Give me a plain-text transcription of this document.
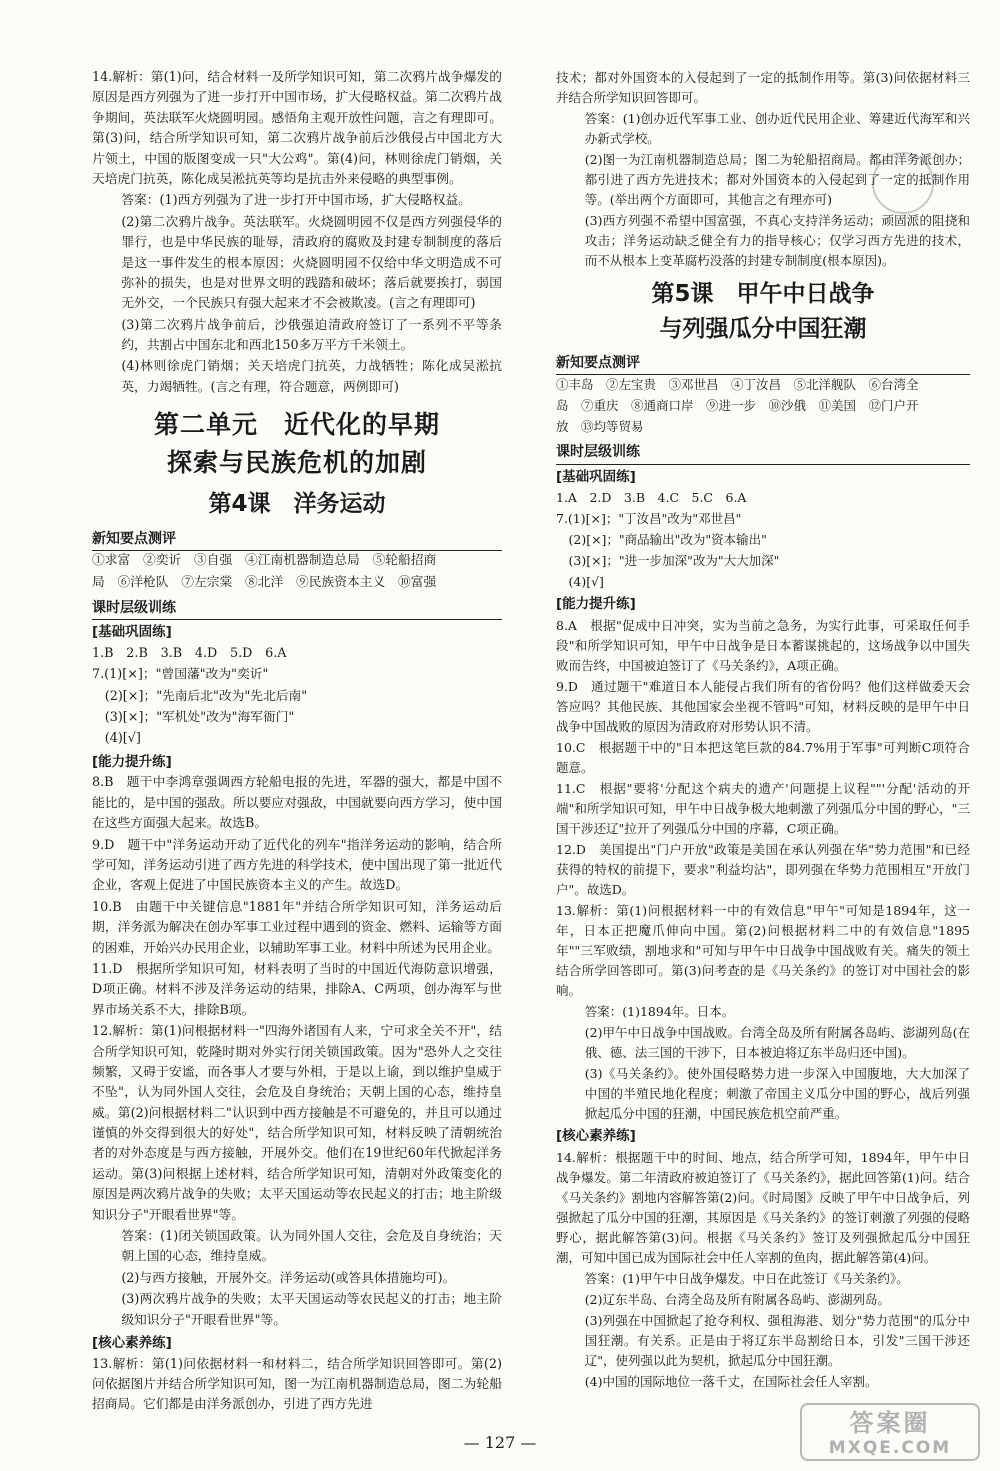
14.解析：第(1)问，结合材料一及所学知识可知，第二次鸦片战争爆发的原因是西方列强为了进一步打开中国市场，扩大侵略权益。第二次鸦片战争期间，英法联军火烧圆明园。感悟角主观开放性问题，言之有理即可。第(3)问，结合所学知识可知，第二次鸦片战争前后沙俄侵占中国北方大片领土，中国的版图变成一只"大公鸡"。第(4)问，林则徐虎门销烟，关天培虎门抗英，陈化成吴淞抗英等均是抗击外来侵略的典型事例。
答案：(1)西方列强为了进一步打开中国市场，扩大侵略权益。
(2)第二次鸦片战争。英法联军。火烧圆明园不仅是西方列强侵华的罪行，也是中华民族的耻辱，清政府的腐败及封建专制制度的落后是这一事件发生的根本原因；火烧圆明园不仅给中华文明造成不可弥补的损失，也是对世界文明的践踏和破坏；落后就要挨打，弱国无外交，一个民族只有强大起来才不会被欺凌。(言之有理即可)
(3)第二次鸦片战争前后，沙俄强迫清政府签订了一系列不平等条约，共割占中国东北和西北150多万平方千米领土。
(4)林则徐虎门销烟；关天培虎门抗英，力战牺牲；陈化成吴淞抗英，力竭牺牲。(言之有理，符合题意，两例即可)
第二单元　近代化的早期
探索与民族危机的加剧
第4课　洋务运动
新知要点测评
①求富　②奕䜣　③自强　④江南机器制造总局　⑤轮船招商
局　⑥洋枪队　⑦左宗棠　⑧北洋　⑨民族资本主义　⑩富强
课时层级训练
[基础巩固练]
1.B　2.B　3.B　4.D　5.D　6.A
7.(1)[×]；"曾国藩"改为"奕䜣"
(2)[×]；"先南后北"改为"先北后南"
(3)[×]；"军机处"改为"海军衙门"
(4)[√]
[能力提升练]
8.B　题干中李鸿章强调西方轮船电报的先进，军器的强大，都是中国不能比的，是中国的强敌。所以要应对强敌，中国就要向西方学习，使中国在这些方面强大起来。故选B。
9.D　题干中"洋务运动开动了近代化的列车"指洋务运动的影响，结合所学可知，洋务运动引进了西方先进的科学技术，使中国出现了第一批近代企业，客观上促进了中国民族资本主义的产生。故选D。
10.B　由题干中关键信息"1881年"并结合所学知识可知，洋务运动后期，洋务派为解决在创办军事工业过程中遇到的资金、燃料、运输等方面的困难，开始兴办民用企业，以辅助军事工业。材料中所述为民用企业。
11.D　根据所学知识可知，材料表明了当时的中国近代海防意识增强，D项正确。材料不涉及洋务运动的结果，排除A、C两项，创办海军与世界市场关系不大，排除B项。
12.解析：第(1)问根据材料一"四海外诸国有人来，宁可求全关不开"，结合所学知识可知，乾隆时期对外实行闭关锁国政策。因为"恐外人之交往频繁，又碍于安谧，而各事人才要与外相，于是以上谕，到以维护皇威于不坠"，认为同外国人交往，会危及自身统治；天朝上国的心态，维持皇威。第(2)问根据材料二"认识到中西方接触是不可避免的，并且可以通过谨慎的外交得到很大的好处"，结合所学知识可知，材料反映了清朝统治者的对外态度是与西方接触，开展外交。他们在19世纪60年代掀起洋务运动。第(3)问根据上述材料，结合所学知识可知，清朝对外政策变化的原因是两次鸦片战争的失败；太平天国运动等农民起义的打击；地主阶级知识分子"开眼看世界"等。
答案：(1)闭关锁国政策。认为同外国人交往，会危及自身统治；天朝上国的心态，维持皇威。
(2)与西方接触，开展外交。洋务运动(或答具体措施均可)。
(3)两次鸦片战争的失败；太平天国运动等农民起义的打击；地主阶级知识分子"开眼看世界"等。
[核心素养练]
13.解析：第(1)问依据材料一和材料二，结合所学知识回答即可。第(2)问依据图片并结合所学知识可知，图一为江南机器制造总局，图二为轮船招商局。它们都是由洋务派创办，引进了西方先进
技术；都对外国资本的入侵起到了一定的抵制作用等。第(3)问依据材料三并结合所学知识回答即可。
答案：(1)创办近代军事工业、创办近代民用企业、筹建近代海军和兴办新式学校。
(2)图一为江南机器制造总局；图二为轮船招商局。都由洋务派创办；都引进了西方先进技术；都对外国资本的入侵起到了一定的抵制作用等。(举出两个方面即可，其他言之有理亦可)
(3)西方列强不希望中国富强，不真心支持洋务运动；顽固派的阻挠和攻击；洋务运动缺乏健全有力的指导核心；仅学习西方先进的技术，而不从根本上变革腐朽没落的封建专制制度(根本原因)。
第5课　甲午中日战争
与列强瓜分中国狂潮
新知要点测评
①丰岛　②左宝贵　③邓世昌　④丁汝昌　⑤北洋舰队　⑥台湾全
岛　⑦重庆　⑧通商口岸　⑨进一步　⑩沙俄　⑪美国　⑫门户开
放　⑬均等贸易
课时层级训练
[基础巩固练]
1.A　2.D　3.B　4.C　5.C　6.A
7.(1)[×]；"丁汝昌"改为"邓世昌"
(2)[×]；"商品输出"改为"资本输出"
(3)[×]；"进一步加深"改为"大大加深"
(4)[√]
[能力提升练]
8.A　根据"促成中日冲突，实为当前之急务，为实行此事，可采取任何手段"和所学知识可知，甲午中日战争是日本蓄谋挑起的，这场战争以中国失败而告终，中国被迫签订了《马关条约》，A项正确。
9.D　通过题干"难道日本人能侵占我们所有的省份吗？他们这样做委天会答应吗？其他民族、其他国家会坐视不管吗"可知，材料反映的是甲午中日战争中国战败的原因为清政府对形势认识不清。
10.C　根据题干中的"日本把这笔巨款的84.7%用于军事"可判断C项符合题意。
11.C　根据"要将'分配这个病夫的遗产'问题提上议程""'分配'活动的开端"和所学知识可知，甲午中日战争极大地刺激了列强瓜分中国的野心，"三国干涉还辽"拉开了列强瓜分中国的序幕，C项正确。
12.D　美国提出"门户开放"政策是美国在承认列强在华"势力范围"和已经获得的特权的前提下，要求"利益均沾"，即列强在华势力范围相互"开放门户"。故选D。
13.解析：第(1)问根据材料一中的有效信息"甲午"可知是1894年，这一年，日本正把魔爪伸向中国。第(2)问根据材料二中的有效信息"1895年""三军败绩，割地求和"可知与甲午中日战争中国战败有关。痛失的领土结合所学回答即可。第(3)问考查的是《马关条约》的签订对中国社会的影响。
答案：(1)1894年。日本。
(2)甲午中日战争中国战败。台湾全岛及所有附属各岛屿、澎湖列岛(在俄、德、法三国的干涉下，日本被迫将辽东半岛归还中国)。
(3)《马关条约》。使外国侵略势力进一步深入中国腹地，大大加深了中国的半殖民地化程度；刺激了帝国主义瓜分中国的野心，战后列强掀起瓜分中国的狂潮，中国民族危机空前严重。
[核心素养练]
14.解析：根据题干中的时间、地点，结合所学可知，1894年，甲午中日战争爆发。第二年清政府被迫签订了《马关条约》，据此回答第(1)问。结合《马关条约》割地内容解答第(2)问。《时局图》反映了甲午中日战争后，列强掀起了瓜分中国的狂潮，其原因是《马关条约》的签订刺激了列强的侵略野心，据此解答第(3)问。根据《马关条约》签订及列强掀起瓜分中国狂潮，可知中国已成为国际社会中任人宰割的鱼肉，据此解答第(4)问。
答案：(1)甲午中日战争爆发。中日在此签订《马关条约》。
(2)辽东半岛、台湾全岛及所有附属各岛屿、澎湖列岛。
(3)列强在中国掀起了抢夺利权、强租海港、划分"势力范围"的瓜分中国狂潮。有关系。正是由于将辽东半岛割给日本，引发"三国干涉还辽"，使列强以此为契机，掀起瓜分中国狂潮。
(4)中国的国际地位一落千丈，在国际社会任人宰割。
— 127 —
答案圈
MXQE.COM
